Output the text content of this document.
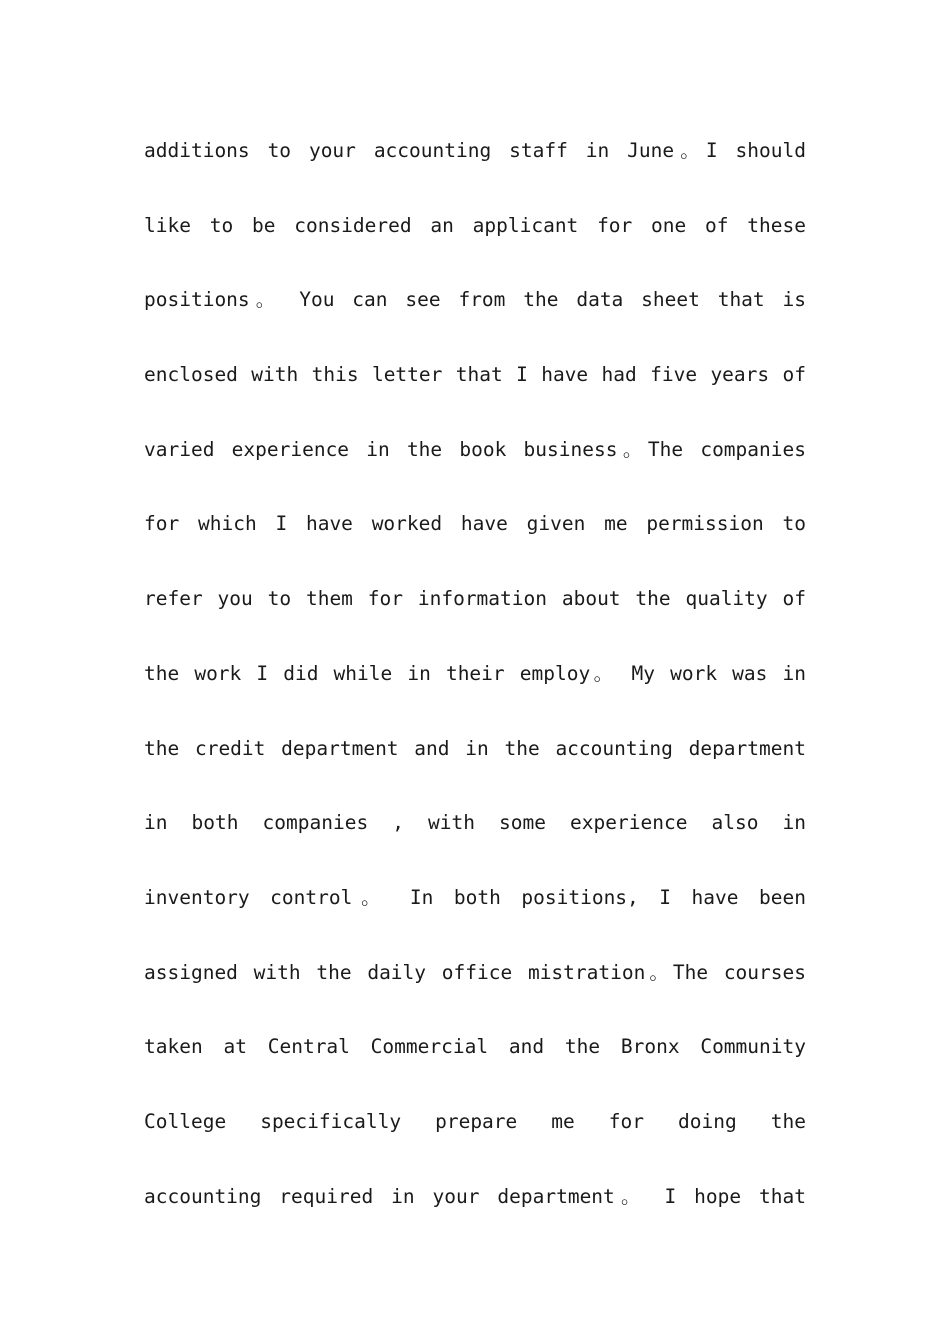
additions to your accounting staff in June。I should
like to be considered an applicant for one of these
positions。 You can see from the data sheet that is
enclosed with this letter that I have had five years of
varied experience in the book business。The companies
for which I have worked have given me permission to
refer you to them for information about the quality of
the work I did while in their employ。 My work was in
the credit department and in the accounting department
in both companies , with some experience also in
inventory control。 In both positions, I have been
assigned with the daily office mistration。The courses
taken at Central Commercial and the Bronx Community
College specifically prepare me for doing the
accounting required in your department。 I hope that
